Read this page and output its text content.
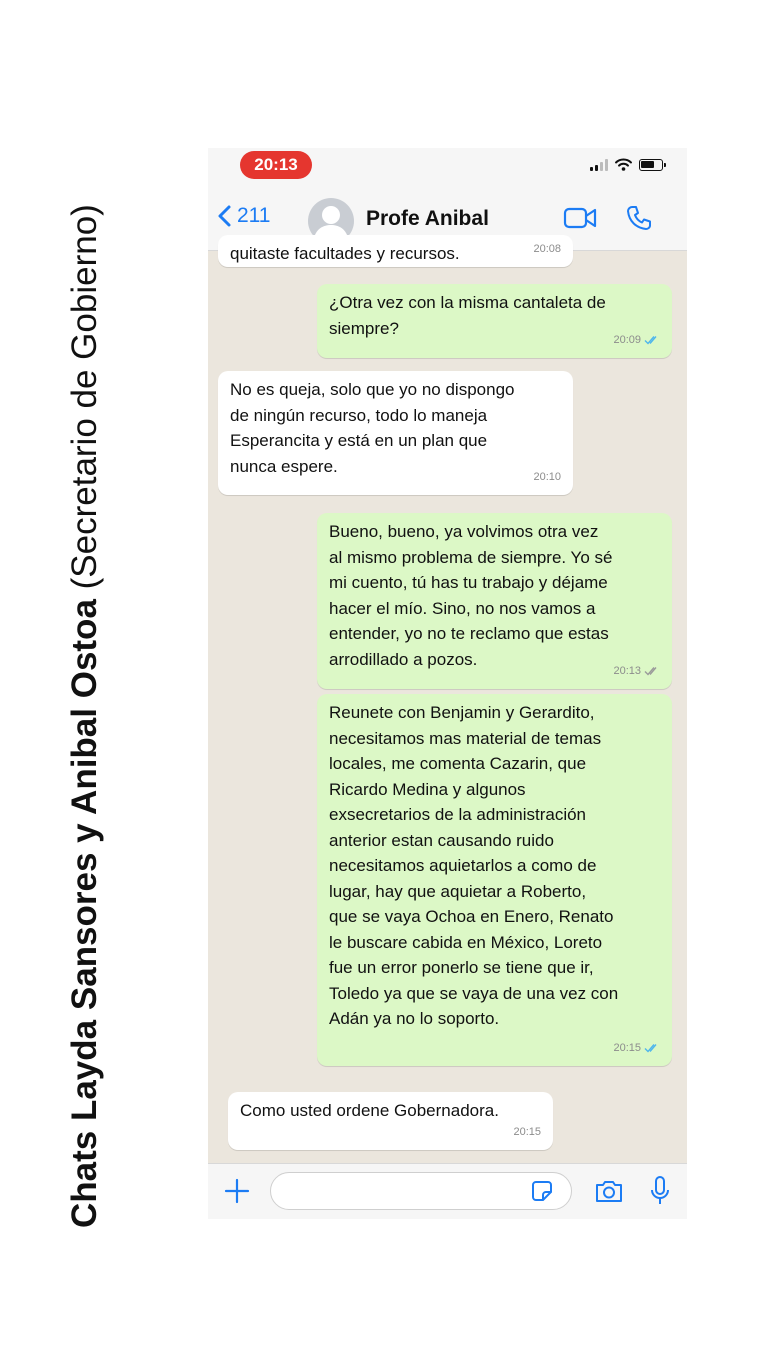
Chats Layda Sansores y Anibal Ostoa (Secretario de Gobierno)
20:13
211	Profe Anibal
quitaste facultades y recursos.	20:08
¿Otra vez con la misma cantaleta de
siempre?
20:09
No es queja, solo que yo no dispongo
de ningún recurso, todo lo maneja
Esperancita y está en un plan que
nunca espere.
20:10
Bueno, bueno, ya volvimos otra vez
al mismo problema de siempre. Yo sé
mi cuento, tú has tu trabajo y déjame
hacer el mío. Sino, no nos vamos a
entender, yo no te reclamo que estas
arrodillado a pozos.
20:13
Reunete con Benjamin y Gerardito,
necesitamos mas material de temas
locales, me comenta Cazarin, que
Ricardo Medina y algunos
exsecretarios de la administración
anterior estan causando ruido
necesitamos aquietarlos a como de
lugar, hay que aquietar a Roberto,
que se vaya Ochoa en Enero, Renato
le buscare cabida en México, Loreto
fue un error ponerlo se tiene que ir,
Toledo ya que se vaya de una vez con
Adán ya no lo soporto.
20:15
Como usted ordene Gobernadora.
20:15
